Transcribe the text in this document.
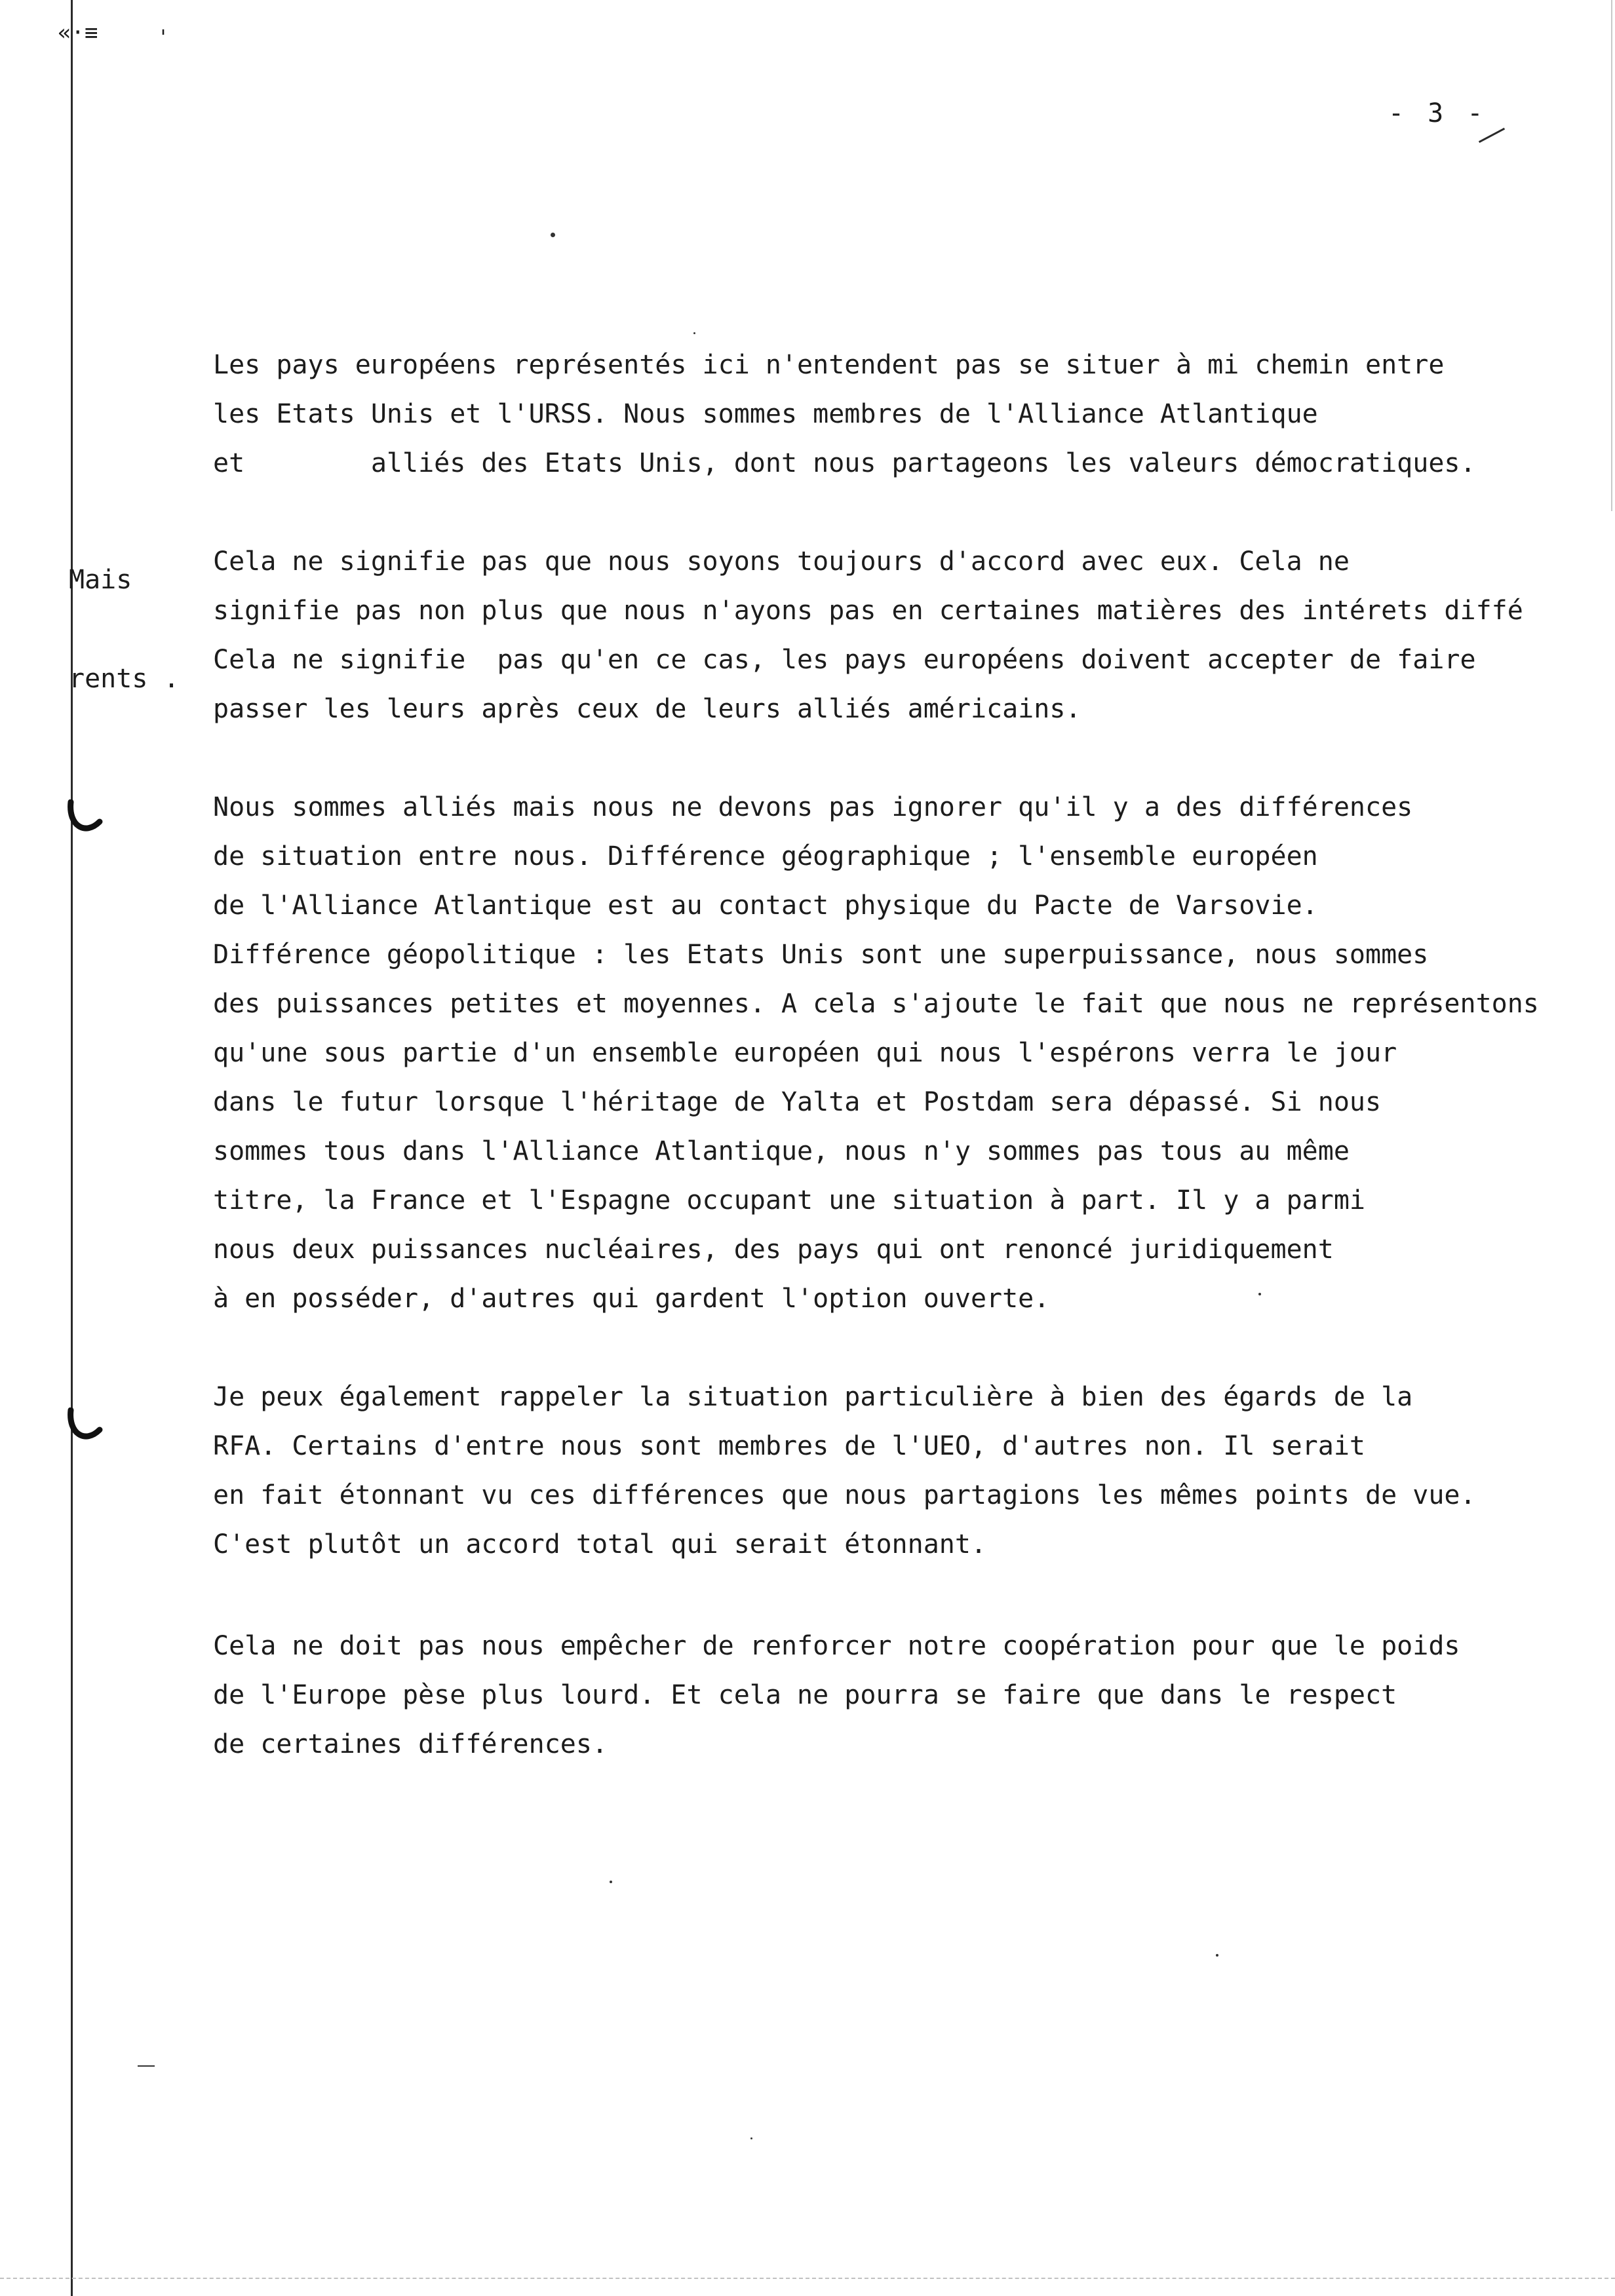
«·≡	'
- 3 -
Mais
rents .
Les pays européens représentés ici n'entendent pas se situer à mi chemin entre
les Etats Unis et l'URSS. Nous sommes membres de l'Alliance Atlantique
et        alliés des Etats Unis, dont nous partageons les valeurs démocratiques.
Cela ne signifie pas que nous soyons toujours d'accord avec eux. Cela ne
signifie pas non plus que nous n'ayons pas en certaines matières des intérets diffé
Cela ne signifie  pas qu'en ce cas, les pays européens doivent accepter de faire
passer les leurs après ceux de leurs alliés américains.
Nous sommes alliés mais nous ne devons pas ignorer qu'il y a des différences
de situation entre nous. Différence géographique ; l'ensemble européen
de l'Alliance Atlantique est au contact physique du Pacte de Varsovie.
Différence géopolitique : les Etats Unis sont une superpuissance, nous sommes
des puissances petites et moyennes. A cela s'ajoute le fait que nous ne représentons
qu'une sous partie d'un ensemble européen qui nous l'espérons verra le jour
dans le futur lorsque l'héritage de Yalta et Postdam sera dépassé. Si nous
sommes tous dans l'Alliance Atlantique, nous n'y sommes pas tous au même
titre, la France et l'Espagne occupant une situation à part. Il y a parmi
nous deux puissances nucléaires, des pays qui ont renoncé juridiquement
à en posséder, d'autres qui gardent l'option ouverte.
Je peux également rappeler la situation particulière à bien des égards de la
RFA. Certains d'entre nous sont membres de l'UEO, d'autres non. Il serait
en fait étonnant vu ces différences que nous partagions les mêmes points de vue.
C'est plutôt un accord total qui serait étonnant.
Cela ne doit pas nous empêcher de renforcer notre coopération pour que le poids
de l'Europe pèse plus lourd. Et cela ne pourra se faire que dans le respect
de certaines différences.
